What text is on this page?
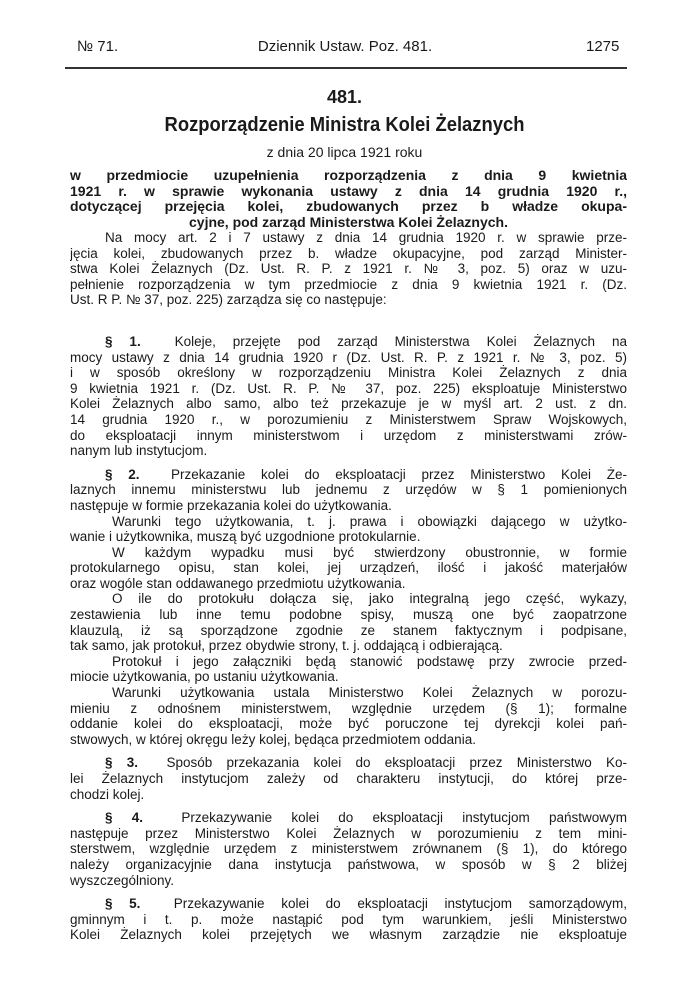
№ 71.	Dziennik Ustaw. Poz. 481.	1275
481.
Rozporządzenie Ministra Kolei Żelaznych
z dnia 20 lipca 1921 roku
w przedmiocie uzupełnienia rozporządzenia z dnia 9 kwietnia
1921 r. w sprawie wykonania ustawy z dnia 14 grudnia 1920 r.,
dotyczącej przejęcia kolei, zbudowanych przez b władze okupa-
cyjne, pod zarząd Ministerstwa Kolei Żelaznych.
Na mocy art. 2 i 7 ustawy z dnia 14 grudnia 1920 r. w sprawie prze-
jęcia kolei, zbudowanych przez b. władze okupacyjne, pod zarząd Minister-
stwa Kolei Żelaznych (Dz. Ust. R. P. z 1921 r. № 3, poz. 5) oraz w uzu-
pełnienie rozporządzenia w tym przedmiocie z dnia 9 kwietnia 1921 r. (Dz.
Ust. R P. № 37, poz. 225) zarządza się co następuje:
§ 1.	Koleje, przejęte pod zarząd Ministerstwa Kolei Żelaznych na
mocy ustawy z dnia 14 grudnia 1920 r (Dz. Ust. R. P. z 1921 r. № 3, poz. 5)
i w sposób określony w rozporządzeniu Ministra Kolei Żelaznych z dnia
9 kwietnia 1921 r. (Dz. Ust. R. P. № 37, poz. 225) eksploatuje Ministerstwo
Kolei Żelaznych albo samo, albo też przekazuje je w myśl art. 2 ust. z dn.
14 grudnia 1920 r., w porozumieniu z Ministerstwem Spraw Wojskowych,
do eksploatacji innym ministerstwom i urzędom z ministerstwami zrów-
nanym lub instytucjom.
§ 2. Przekazanie kolei do eksploatacji przez Ministerstwo Kolei Że-
laznych innemu ministerstwu lub jednemu z urzędów w § 1 pomienionych
następuje w formie przekazania kolei do użytkowania.
Warunki tego użytkowania, t. j. prawa i obowiązki dającego w użytko-
wanie i użytkownika, muszą być uzgodnione protokularnie.
W każdym wypadku musi być stwierdzony obustronnie, w formie
protokularnego opisu, stan kolei, jej urządzeń, ilość i jakość materjałów
oraz wogóle stan oddawanego przedmiotu użytkowania.
O ile do protokułu dołącza się, jako integralną jego część, wykazy,
zestawienia lub inne temu podobne spisy, muszą one być zaopatrzone
klauzulą, iż są sporządzone zgodnie ze stanem faktycznym i podpisane,
tak samo, jak protokuł, przez obydwie strony, t. j. oddającą i odbierającą.
Protokuł i jego załączniki będą stanowić podstawę przy zwrocie przed-
miocie użytkowania, po ustaniu użytkowania.
Warunki użytkowania ustala Ministerstwo Kolei Żelaznych w porozu-
mieniu z odnośnem ministerstwem, względnie urzędem (§ 1); formalne
oddanie kolei do eksploatacji, może być poruczone tej dyrekcji kolei pań-
stwowych, w której okręgu leży kolej, będąca przedmiotem oddania.
§ 3. Sposób przekazania kolei do eksploatacji przez Ministerstwo Ko-
lei Żelaznych instytucjom zależy od charakteru instytucji, do której prze-
chodzi kolej.
§ 4.	Przekazywanie kolei do eksploatacji instytucjom państwowym
następuje przez Ministerstwo Kolei Żelaznych w porozumieniu z tem mini-
sterstwem, względnie urzędem z ministerstwem zrównanem (§ 1), do którego
należy organizacyjnie dana instytucja państwowa, w sposób w § 2 bliżej
wyszczególniony.
§ 5. Przekazywanie kolei do eksploatacji instytucjom samorządowym,
gminnym i t. p. może nastąpić pod tym warunkiem, jeśli Ministerstwo
Kolei Żelaznych kolei przejętych we własnym zarządzie nie eksploatuje
